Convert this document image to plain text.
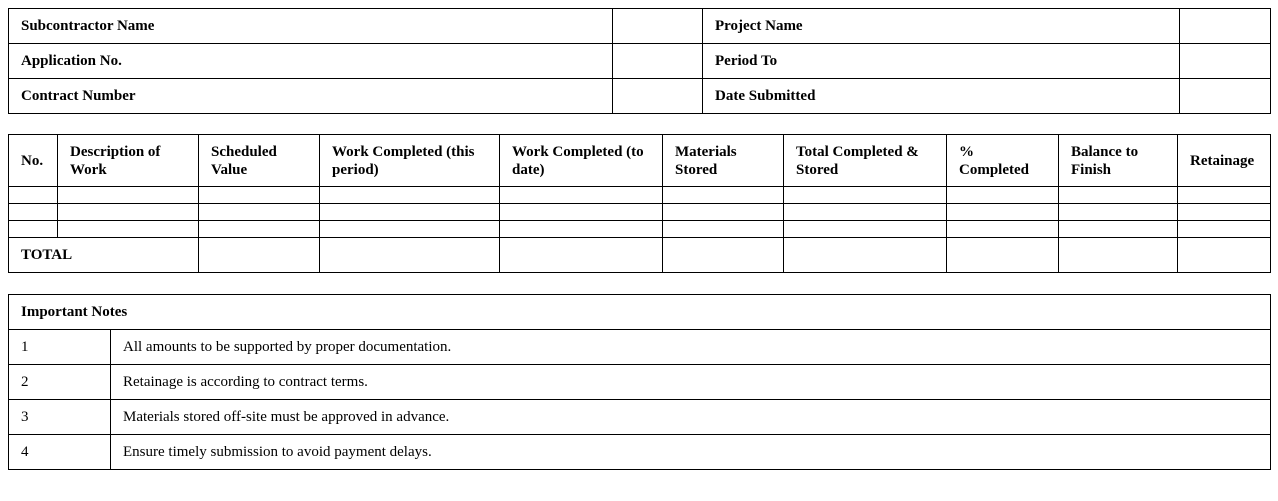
Subcontractor Name		Project Name	
Application No.		Period To	
Contract Number		Date Submitted	
No.	Description of Work	Scheduled Value	Work Completed (this period)	Work Completed (to date)	Materials Stored	Total Completed & Stored	% Completed	Balance to Finish	Retainage

TOTAL									
Important Notes	
1	All amounts to be supported by proper documentation.
2	Retainage is according to contract terms.
3	Materials stored off-site must be approved in advance.
4	Ensure timely submission to avoid payment delays.
